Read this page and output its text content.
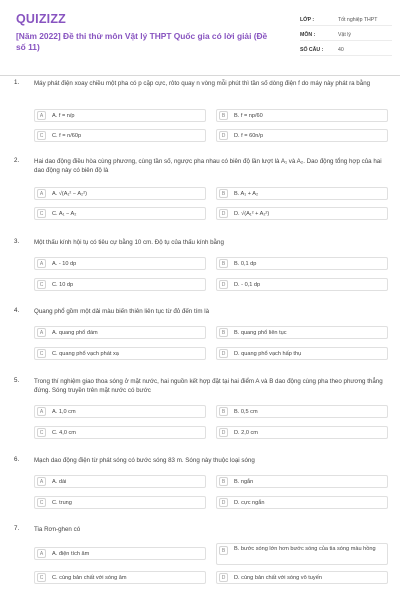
QUIZIZZ
[Năm 2022] Đề thi thử môn Vật lý THPT Quốc gia có lời giải (Đề số 11)
LỚP :	Tốt nghiệp THPT
MÔN :	Vật lý
SỐ CÂU :	40
1. Máy phát điện xoay chiều một pha có p cặp cực, rôto quay n vòng mỗi phút thì tần số dòng điện f do máy này phát ra bằng
A	A. f = n/p	B	B. f = np/60
C	C. f = n/60p	D	D. f = 60n/p
2. Hai dao động điều hòa cùng phương, cùng tần số, ngược pha nhau có biên độ lần lượt là A₁ và A₂. Dao động tổng hợp của hai dao động này có biên độ là
A	A. √(A₁² − A₂²)	B	B. A₁ + A₂
C	C. A₁ − A₂	D	D. √(A₁² + A₂²)
3. Một thấu kính hội tụ có tiêu cự bằng 10 cm. Độ tụ của thấu kính bằng
A	A. - 10 dp	B	B. 0,1 dp
C	C. 10 dp	D	D. - 0,1 dp
4. Quang phổ gồm một dải màu biến thiên liên tục từ đỏ đến tím là
A	A. quang phổ đám	B	B. quang phổ liên tục
C	C. quang phổ vạch phát xạ	D	D. quang phổ vạch hấp thụ
5. Trong thí nghiệm giao thoa sóng ở mặt nước, hai nguồn kết hợp đặt tại hai điểm A và B dao động cùng pha theo phương thẳng đứng. Sóng truyền trên mặt nước có bước
A	A. 1,0 cm	B	B. 0,5 cm
C	C. 4,0 cm	D	D. 2,0 cm
6. Mạch dao động điện từ phát sóng có bước sóng 83 m. Sóng này thuộc loại sóng
A	A. dài	B	B. ngắn
C	C. trung	D	D. cực ngắn
7. Tia Rơn-ghen có
A	A. điện tích âm	B	B. bước sóng lớn hơn bước sóng của tia sóng màu hồng
C	C. cùng bản chất với sóng âm	D	D. cùng bản chất với sóng vô tuyến
